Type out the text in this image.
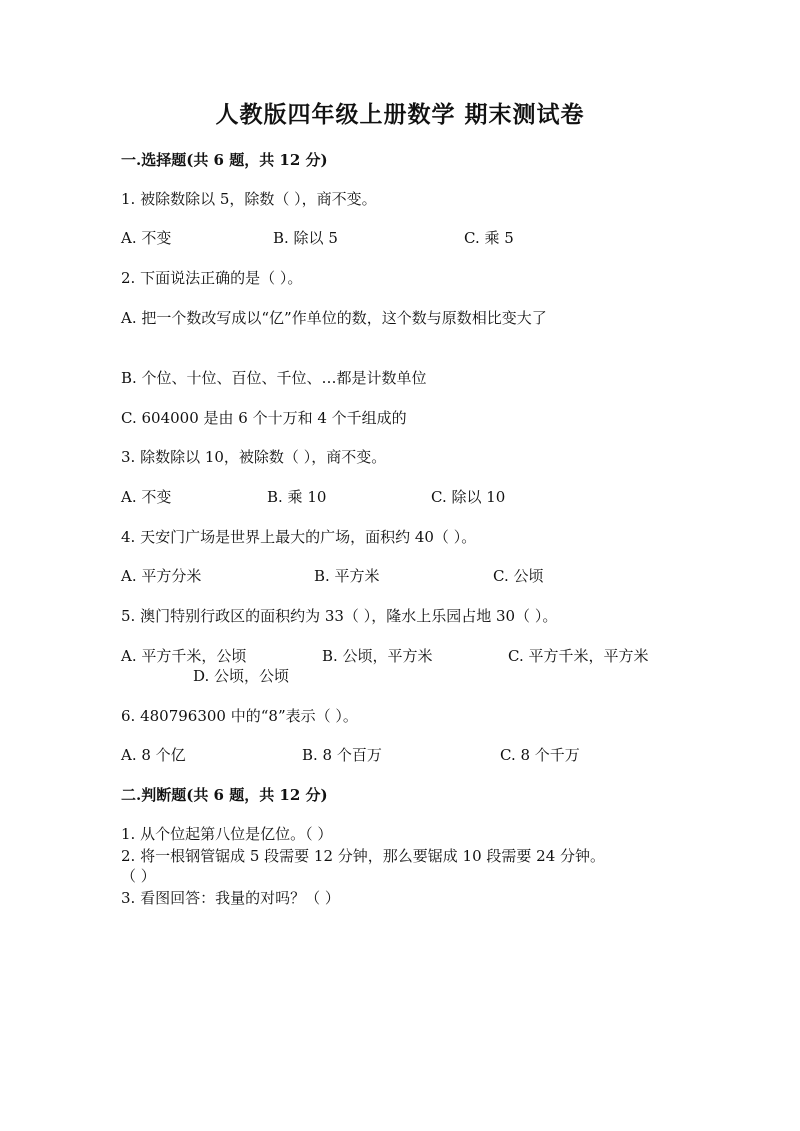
人教版四年级上册数学 期末测试卷
一.选择题(共 6 题，共 12 分)
1. 被除数除以 5，除数（ ），商不变。
A. 不变	B. 除以 5	C. 乘 5
2. 下面说法正确的是（ ）。
A. 把一个数改写成以“亿”作单位的数，这个数与原数相比变大了
B. 个位、十位、百位、千位、…都是计数单位
C. 604000 是由 6 个十万和 4 个千组成的
3. 除数除以 10，被除数（ ），商不变。
A. 不变	B. 乘 10	C. 除以 10
4. 天安门广场是世界上最大的广场，面积约 40（ ）。
A. 平方分米	B. 平方米	C. 公顷
5. 澳门特别行政区的面积约为 33（ ），隆水上乐园占地 30（ ）。
A. 平方千米，公顷	B. 公顷，平方米	C. 平方千米，平方米
D. 公顷，公顷
6. 480796300 中的“8”表示（ ）。
A. 8 个亿	B. 8 个百万	C. 8 个千万
二.判断题(共 6 题，共 12 分)
1. 从个位起第八位是亿位。（ ）
2. 将一根钢管锯成 5 段需要 12 分钟，那么要锯成 10 段需要 24 分钟。
（ ）
3. 看图回答：我量的对吗？（ ）
